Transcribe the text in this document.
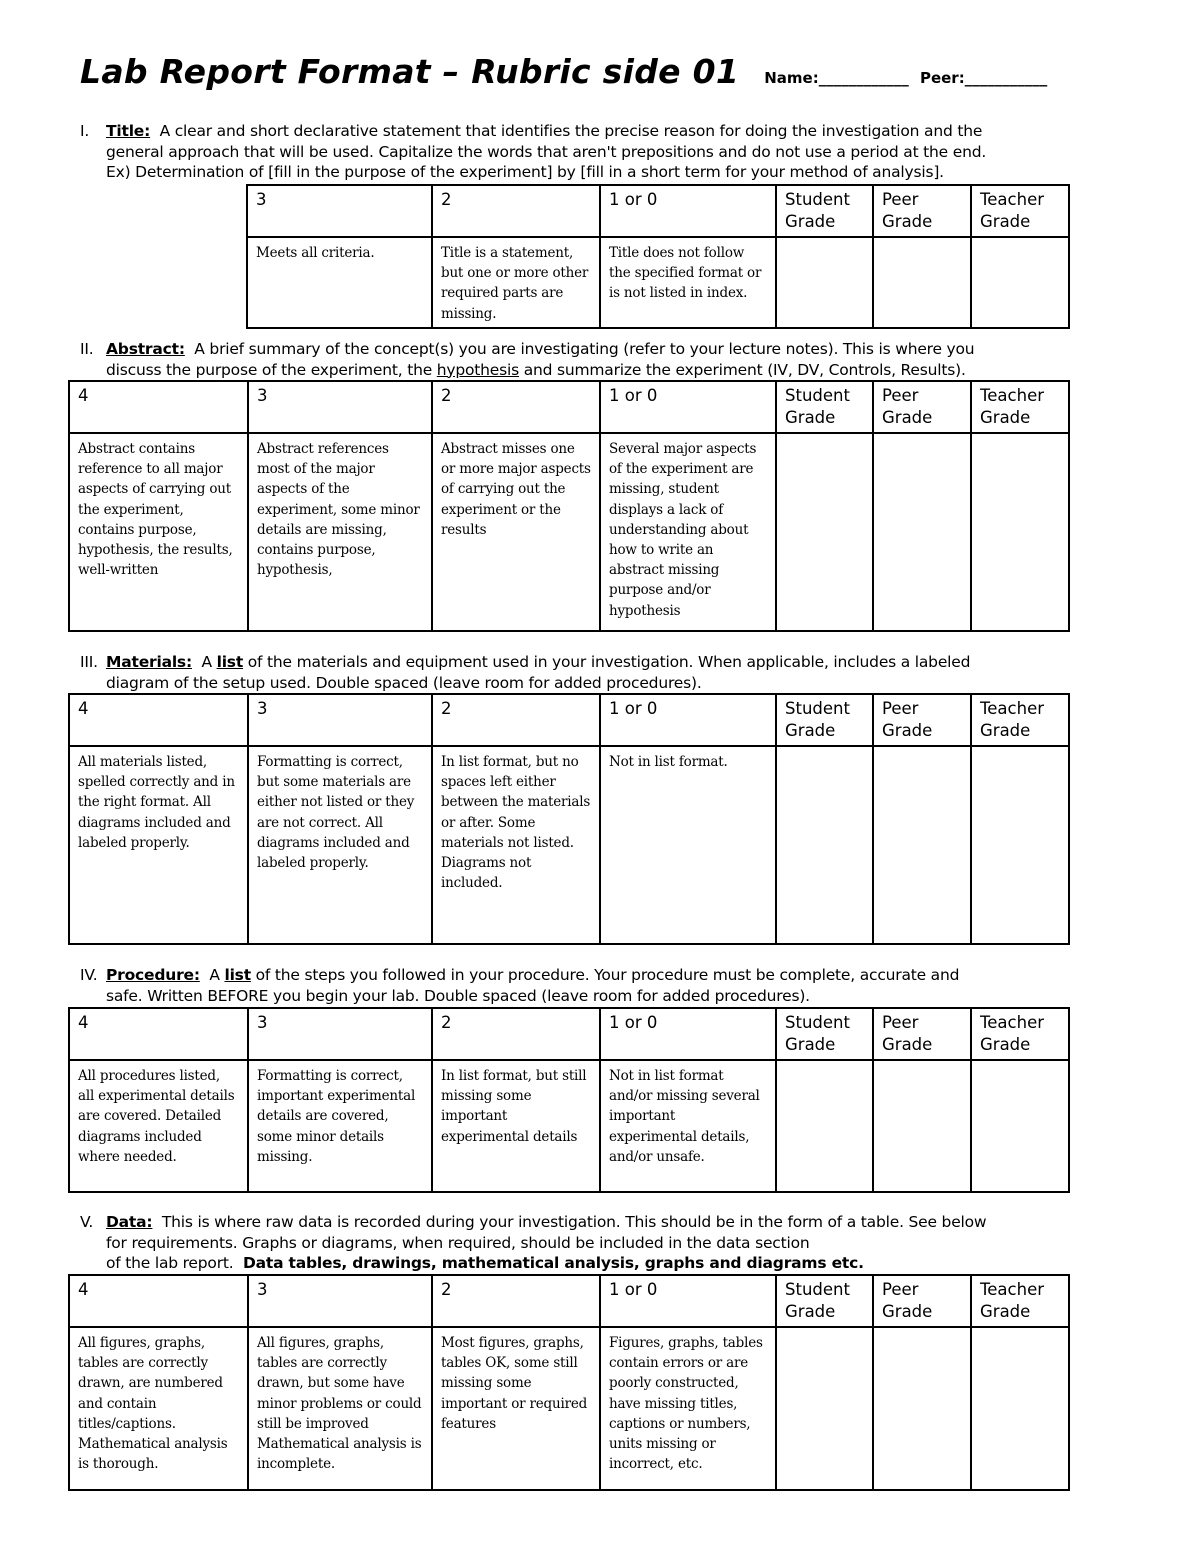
Lab Report Format – Rubric side 01 Name:____________ Peer:___________
I.	Title: A clear and short declarative statement that identifies the precise reason for doing the investigation and the
general approach that will be used. Capitalize the words that aren't prepositions and do not use a period at the end.
Ex) Determination of [fill in the purpose of the experiment] by [fill in a short term for your method of analysis].
3	2	1 or 0	Student Grade	Peer Grade	Teacher Grade
Meets all criteria.	Title is a statement, but one or more other required parts are missing.	Title does not follow the specified format or is not listed in index.			
II. Abstract: A brief summary of the concept(s) you are investigating (refer to your lecture notes). This is where you
discuss the purpose of the experiment, the hypothesis and summarize the experiment (IV, DV, Controls, Results).
4	3	2	1 or 0	Student Grade	Peer Grade	Teacher Grade
Abstract contains reference to all major aspects of carrying out the experiment, contains purpose, hypothesis, the results, well-written	Abstract references most of the major aspects of the experiment, some minor details are missing, contains purpose, hypothesis,	Abstract misses one or more major aspects of carrying out the experiment or the results	Several major aspects of the experiment are missing, student displays a lack of understanding about how to write an abstract missing purpose and/or hypothesis			
III. Materials: A list of the materials and equipment used in your investigation. When applicable, includes a labeled
diagram of the setup used. Double spaced (leave room for added procedures).
4	3	2	1 or 0	Student Grade	Peer Grade	Teacher Grade
All materials listed, spelled correctly and in the right format. All diagrams included and labeled properly.	Formatting is correct, but some materials are either not listed or they are not correct. All diagrams included and labeled properly.	In list format, but no spaces left either between the materials or after. Some materials not listed. Diagrams not included.	Not in list format.			
IV. Procedure: A list of the steps you followed in your procedure. Your procedure must be complete, accurate and
safe. Written BEFORE you begin your lab. Double spaced (leave room for added procedures).
4	3	2	1 or 0	Student Grade	Peer Grade	Teacher Grade
All procedures listed, all experimental details are covered. Detailed diagrams included where needed.	Formatting is correct, important experimental details are covered, some minor details missing.	In list format, but still missing some important experimental details	Not in list format and/or missing several important experimental details, and/or unsafe.			
V. Data: This is where raw data is recorded during your investigation. This should be in the form of a table. See below
for requirements. Graphs or diagrams, when required, should be included in the data section
of the lab report. Data tables, drawings, mathematical analysis, graphs and diagrams etc.
4	3	2	1 or 0	Student Grade	Peer Grade	Teacher Grade
All figures, graphs, tables are correctly drawn, are numbered and contain titles/captions. Mathematical analysis is thorough.	All figures, graphs, tables are correctly drawn, but some have minor problems or could still be improved Mathematical analysis is incomplete.	Most figures, graphs, tables OK, some still missing some important or required features	Figures, graphs, tables contain errors or are poorly constructed, have missing titles, captions or numbers, units missing or incorrect, etc.			
